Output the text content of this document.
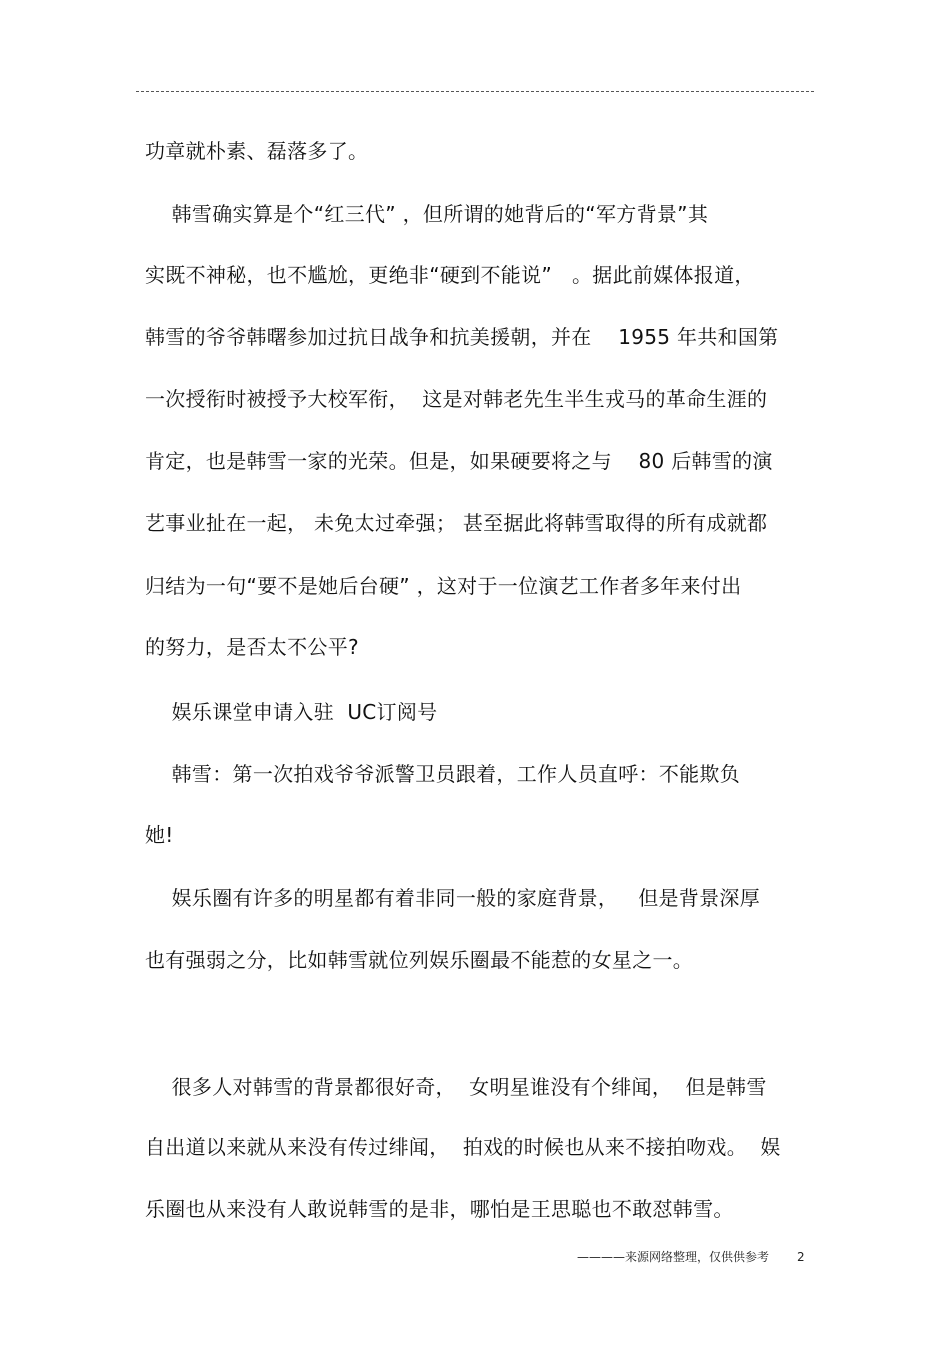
功章就朴素、磊落多了。
韩雪确实算是个“红三代” ，但所谓的她背后的“军方背景”其
实既不神秘，也不尴尬，更绝非“硬到不能说”   。据此前媒体报道，
韩雪的爷爷韩曙参加过抗日战争和抗美援朝，并在    1955 年共和国第
一次授衔时被授予大校军衔，  这是对韩老先生半生戎马的革命生涯的
肯定，也是韩雪一家的光荣。但是，如果硬要将之与    80 后韩雪的演
艺事业扯在一起， 未免太过牵强； 甚至据此将韩雪取得的所有成就都
归结为一句“要不是她后台硬” ，这对于一位演艺工作者多年来付出
的努力，是否太不公平?
娱乐课堂申请入驻  UC订阅号
韩雪：第一次拍戏爷爷派警卫员跟着，工作人员直呼：不能欺负
她!
娱乐圈有许多的明星都有着非同一般的家庭背景，   但是背景深厚
也有强弱之分，比如韩雪就位列娱乐圈最不能惹的女星之一。
很多人对韩雪的背景都很好奇，  女明星谁没有个绯闻，  但是韩雪
自出道以来就从来没有传过绯闻，  拍戏的时候也从来不接拍吻戏。  娱
乐圈也从来没有人敢说韩雪的是非，哪怕是王思聪也不敢怼韩雪。
————来源网络整理，仅供供参考 2
